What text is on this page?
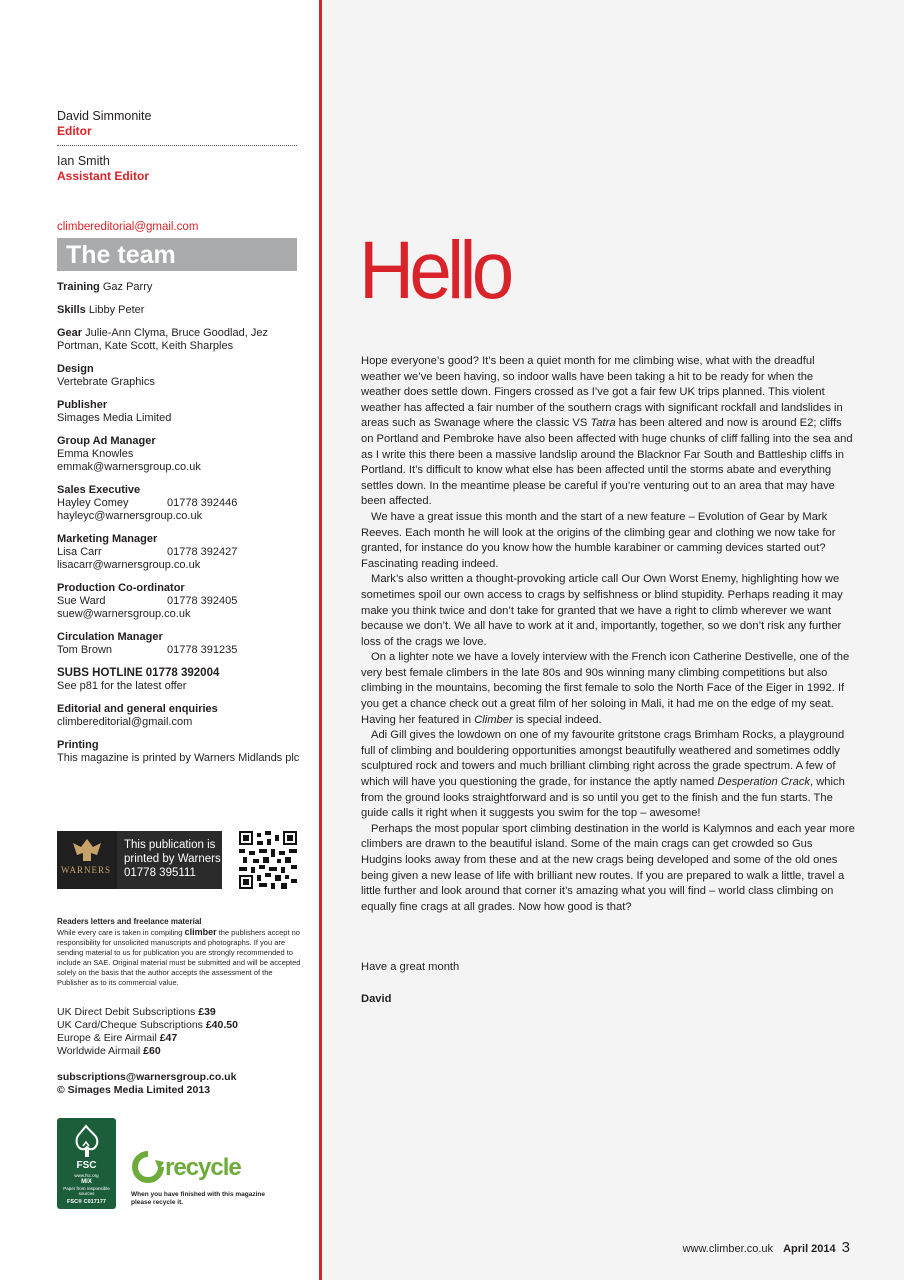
David Simmonite
Editor
Ian Smith
Assistant Editor
climbereditorial@gmail.com
The team
Training Gaz Parry
Skills Libby Peter
Gear Julie-Ann Clyma, Bruce Goodlad, Jez Portman, Kate Scott, Keith Sharples
Design
Vertebrate Graphics
Publisher
Simages Media Limited
Group Ad Manager
Emma Knowles
emmak@warnersgroup.co.uk
Sales Executive
Hayley Comey	01778 392446
hayleyc@warnersgroup.co.uk
Marketing Manager
Lisa Carr	01778 392427
lisacarr@warnersgroup.co.uk
Production Co-ordinator
Sue Ward	01778 392405
suew@warnersgroup.co.uk
Circulation Manager
Tom Brown	01778 391235
SUBS HOTLINE 01778 392004
See p81 for the latest offer
Editorial and general enquiries
climbereditorial@gmail.com
Printing
This magazine is printed by Warners Midlands plc
WARNERS
This publication is
printed by Warners
01778 395111
Readers letters and freelance material
While every care is taken in compiling climber the publishers accept no responsibility for unsolicited manuscripts and photographs. If you are sending material to us for publication you are strongly recommended to include an SAE. Original material must be submitted and will be accepted solely on the basis that the author accepts the assessment of the Publisher as to its commercial value.
UK Direct Debit Subscriptions £39
UK Card/Cheque Subscriptions £40.50
Europe & Eire Airmail £47
Worldwide Airmail £60
subscriptions@warnersgroup.co.uk
© Simages Media Limited 2013
FSC
www.fsc.org
MIX
Paper from responsible sources
FSC® C017177
recycle
When you have finished with this magazine
please recycle it.
Hello

Hope everyone’s good? It’s been a quiet month for me climbing wise, what with the dreadful weather we’ve been having, so indoor walls have been taking a hit to be ready for when the weather does settle down. Fingers crossed as I’ve got a fair few UK trips planned. This violent weather has affected a fair number of the southern crags with significant rockfall and landslides in areas such as Swanage where the classic VS Tatra has been altered and now is around E2; cliffs on Portland and Pembroke have also been affected with huge chunks of cliff falling into the sea and as I write this there been a massive landslip around the Blacknor Far South and Battleship cliffs in Portland. It’s difficult to know what else has been affected until the storms abate and everything settles down. In the meantime please be careful if you’re venturing out to an area that may have been affected.

We have a great issue this month and the start of a new feature – Evolution of Gear by Mark Reeves. Each month he will look at the origins of the climbing gear and clothing we now take for granted, for instance do you know how the humble karabiner or camming devices started out? Fascinating reading indeed.

Mark’s also written a thought-provoking article call Our Own Worst Enemy, highlighting how we sometimes spoil our own access to crags by selfishness or blind stupidity. Perhaps reading it may make you think twice and don’t take for granted that we have a right to climb wherever we want because we don’t. We all have to work at it and, importantly, together, so we don’t risk any further loss of the crags we love.

On a lighter note we have a lovely interview with the French icon Catherine Destivelle, one of the very best female climbers in the late 80s and 90s winning many climbing competitions but also climbing in the mountains, becoming the first female to solo the North Face of the Eiger in 1992. If you get a chance check out a great film of her soloing in Mali, it had me on the edge of my seat. Having her featured in Climber is special indeed.

Adi Gill gives the lowdown on one of my favourite gritstone crags Brimham Rocks, a playground full of climbing and bouldering opportunities amongst beautifully weathered and sometimes oddly sculptured rock and towers and much brilliant climbing right across the grade spectrum. A few of which will have you questioning the grade, for instance the aptly named Desperation Crack, which from the ground looks straightforward and is so until you get to the finish and the fun starts. The guide calls it right when it suggests you swim for the top – awesome!

Perhaps the most popular sport climbing destination in the world is Kalymnos and each year more climbers are drawn to the beautiful island. Some of the main crags can get crowded so Gus Hudgins looks away from these and at the new crags being developed and some of the old ones being given a new lease of life with brilliant new routes. If you are prepared to walk a little, travel a little further and look around that corner it’s amazing what you will find – world class climbing on equally fine crags at all grades. Now how good is that?

Have a great month
David
www.climber.co.uk April 2014 3
